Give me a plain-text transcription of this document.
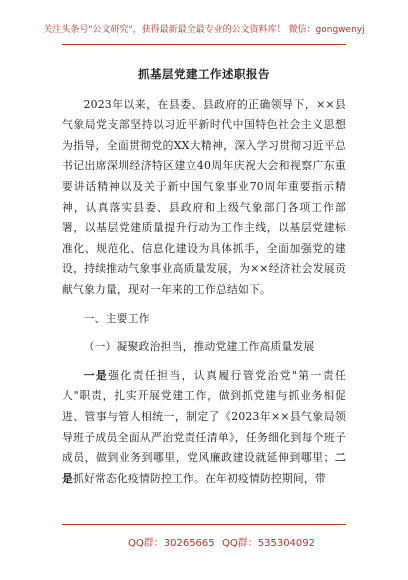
关注头条号"公文研究"，获得最新最全最专业的公文资料库！ 微信：gongwenyj
抓基层党建工作述职报告

2023年以来，在县委、县政府的正确领导下，××县气象局党支部坚持以习近平新时代中国特色社会主义思想为指导，全面贯彻党的XX大精神，深入学习贯彻习近平总书记出席深圳经济特区建立40周年庆祝大会和视察广东重要讲话精神以及关于新中国气象事业70周年重要指示精神，认真落实县委、县政府和上级气象部门各项工作部署，以基层党建质量提升行动为工作主线，以基层党建标准化、规范化、信息化建设为具体抓手，全面加强党的建设，持续推动气象事业高质量发展，为××经济社会发展贡献气象力量，现对一年来的工作总结如下。

一、主要工作

（一）凝聚政治担当，推动党建工作高质量发展

一是强化责任担当，认真履行管党治党"第一责任人"职责，扎实开展党建工作，做到抓党建与抓业务相促进、管事与管人相统一，制定了《2023年××县气象局领导班子成员全面从严治党责任清单》，任务细化到每个班子成员，做到业务到哪里，党风廉政建设就延伸到哪里；二是抓好常态化疫情防控工作。在年初疫情防控期间，带

QQ群：30265665 QQ群：535304092
